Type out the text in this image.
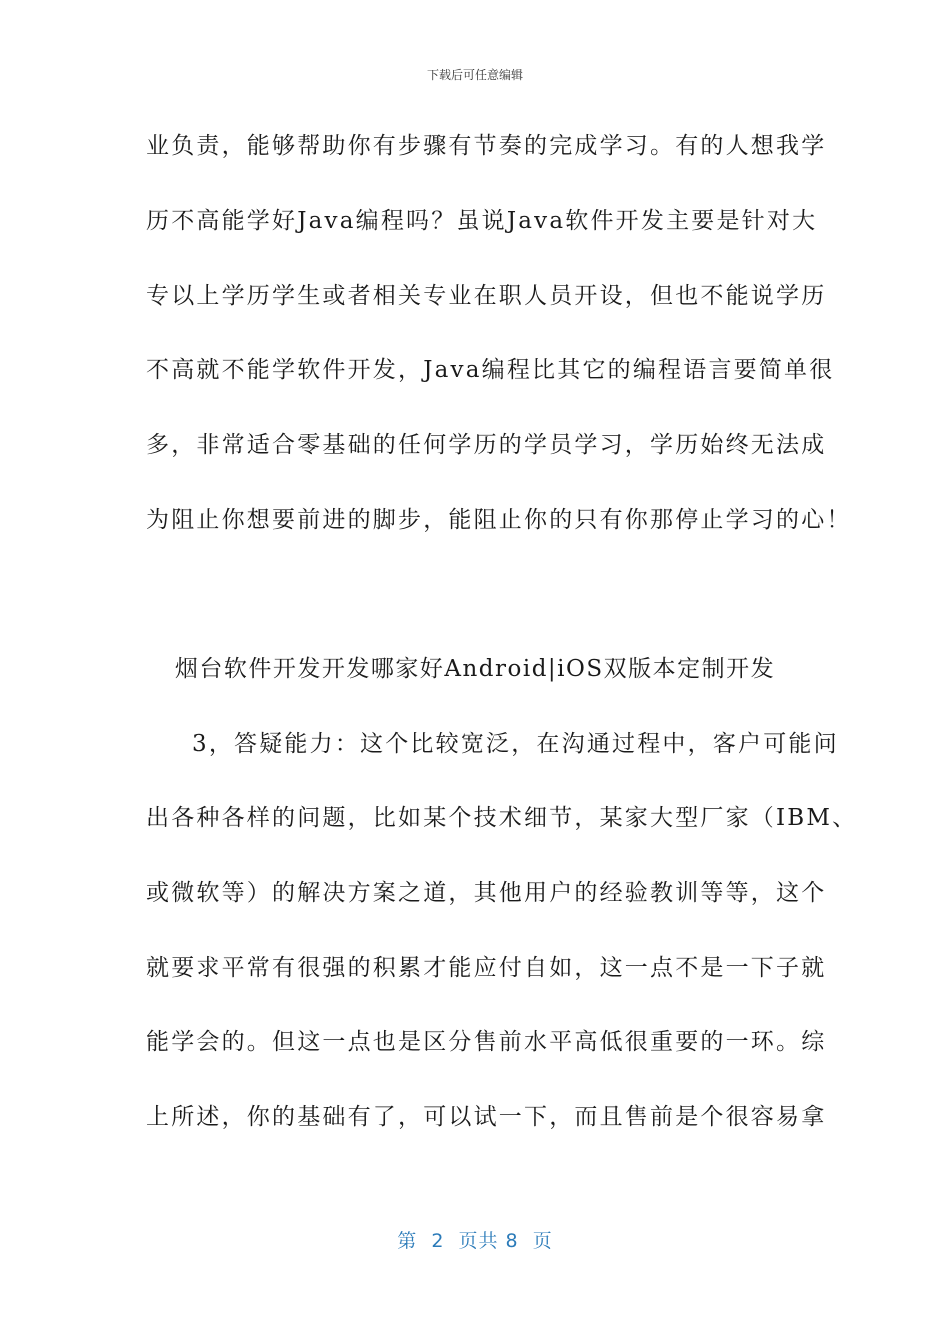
下载后可任意编辑
业负责，能够帮助你有步骤有节奏的完成学习。有的人想我学
历不高能学好Java编程吗？虽说Java软件开发主要是针对大
专以上学历学生或者相关专业在职人员开设，但也不能说学历
不高就不能学软件开发，Java编程比其它的编程语言要简单很
多，非常适合零基础的任何学历的学员学习，学历始终无法成
为阻止你想要前进的脚步，能阻止你的只有你那停止学习的心！
烟台软件开发开发哪家好Android|iOS双版本定制开发
3，答疑能力：这个比较宽泛，在沟通过程中，客户可能问
出各种各样的问题，比如某个技术细节，某家大型厂家（IBM、
或微软等）的解决方案之道，其他用户的经验教训等等，这个
就要求平常有很强的积累才能应付自如，这一点不是一下子就
能学会的。但这一点也是区分售前水平高低很重要的一环。综
上所述，你的基础有了，可以试一下，而且售前是个很容易拿
第  2  页共 8  页
